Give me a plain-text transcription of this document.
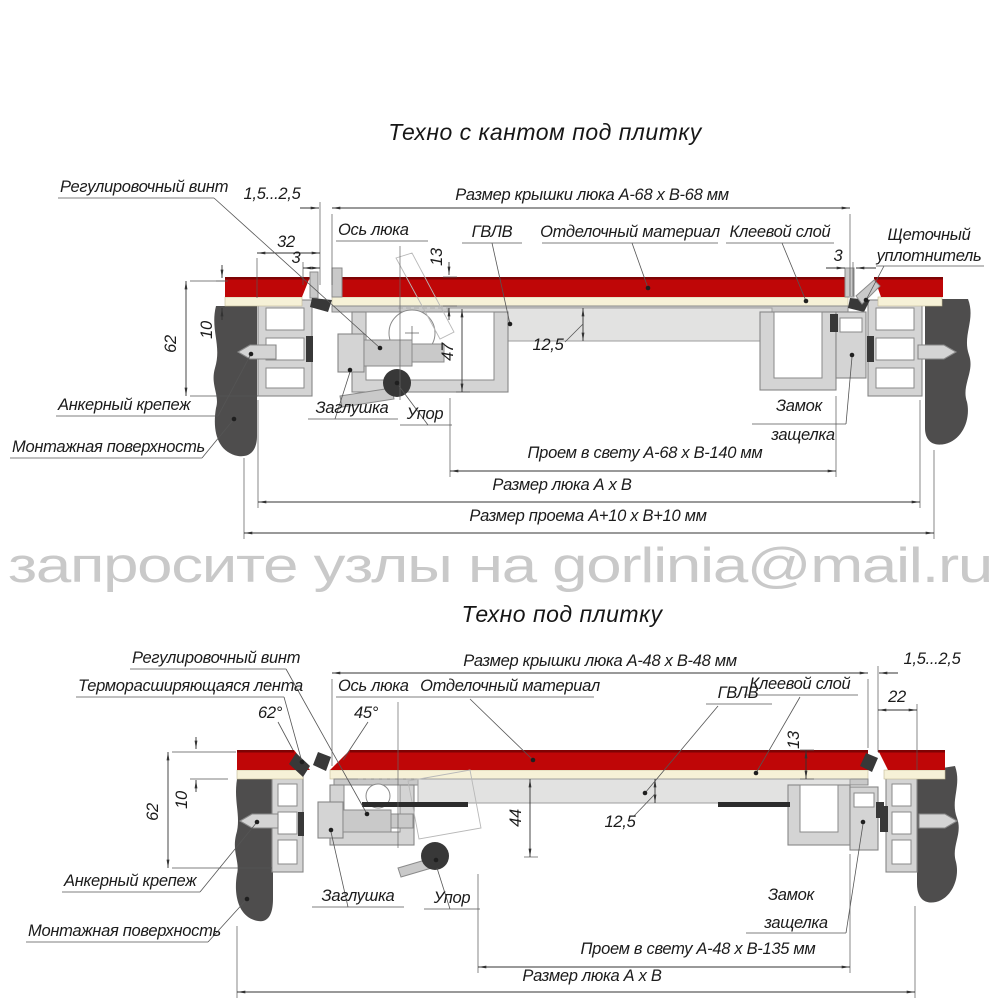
Техно с кантом под плитку
Регулировочный винт 1,5...2,5	Размер крышки люка А-68 х В-68 мм
32
3
Ось люка	ГВЛВ Отделочный материал Клеевой слой
3
Щеточный
уплотнитель
13
62
10
47	12,5
Анкерный крепеж
Монтажная поверхность
Заглушка Упор	Замок
защелка
Проем в свету А-68 х В-140 мм
Размер люка А х В
Размер проема А+10 х В+10 мм
запросите узлы на gorlinia@mail.ru
Техно под плитку
Регулировочный винт
Терморасширяющаяся лента
62°
Ось люка
45°
Размер крышки люка А-48 х В-48 мм
Отделочный материал	ГВЛВ
Клеевой слой
1,5...2,5
22
13
62
10
44	12,5
Анкерный крепеж
Монтажная поверхность
Заглушка Упор	Замок
защелка
Проем в свету А-48 х В-135 мм
Размер люка А х В
